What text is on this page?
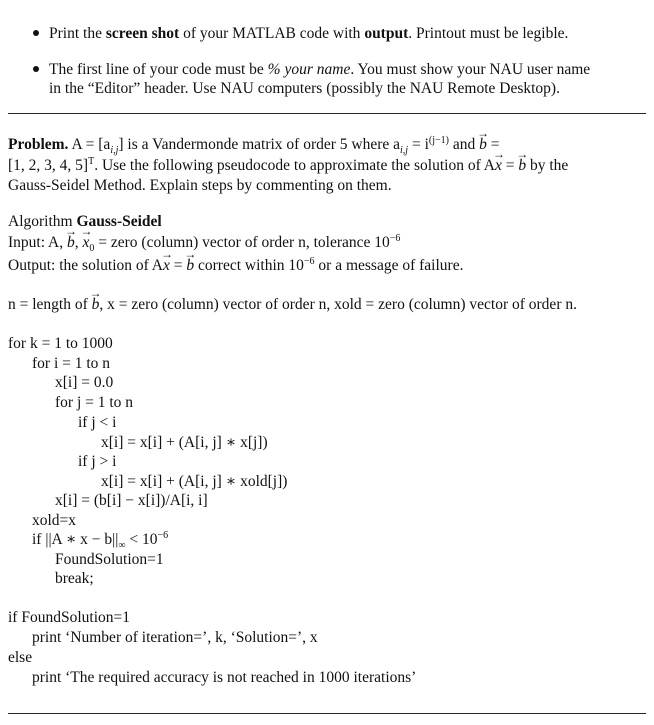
Print the screen shot of your MATLAB code with output. Printout must be legible.
The first line of your code must be % your name. You must show your NAU user name
in the “Editor” header. Use NAU computers (possibly the NAU Remote Desktop).
Problem. $A = [a_{i,j}]$ is a Vandermonde matrix of order 5 where $a_{i,j} = i^{(j-1)}$ and → b =
[1, 2, 3, 4, 5]$^T$. Use the following pseudocode to approximate the solution of A→ x = → b by the
Gauss-Seidel Method. Explain steps by commenting on them.
Algorithm Gauss-Seidel
Input: A, → b, → $x_0$ = zero (column) vector of order n, tolerance $10^{-6}$
Output: the solution of A→ x = → b correct within $10^{-6}$ or a message of failure.
n = length of → b, x = zero (column) vector of order n, xold = zero (column) vector of order n.
for k = 1 to 1000
for i = 1 to n
x[i] = 0.0
for j = 1 to n
if j < i
x[i] = x[i] + (A[i, j] ∗ x[j])
if j > i
x[i] = x[i] + (A[i, j] ∗ xold[j])
x[i] = (b[i] − x[i])/A[i, i]
xold=x
if ||A ∗ $x - b||_\infty < 10^{-6}$
FoundSolution=1
break;
if FoundSolution=1
print ‘Number of iteration=’, k, ‘Solution=’, x
else
print ‘The required accuracy is not reached in 1000 iterations’
